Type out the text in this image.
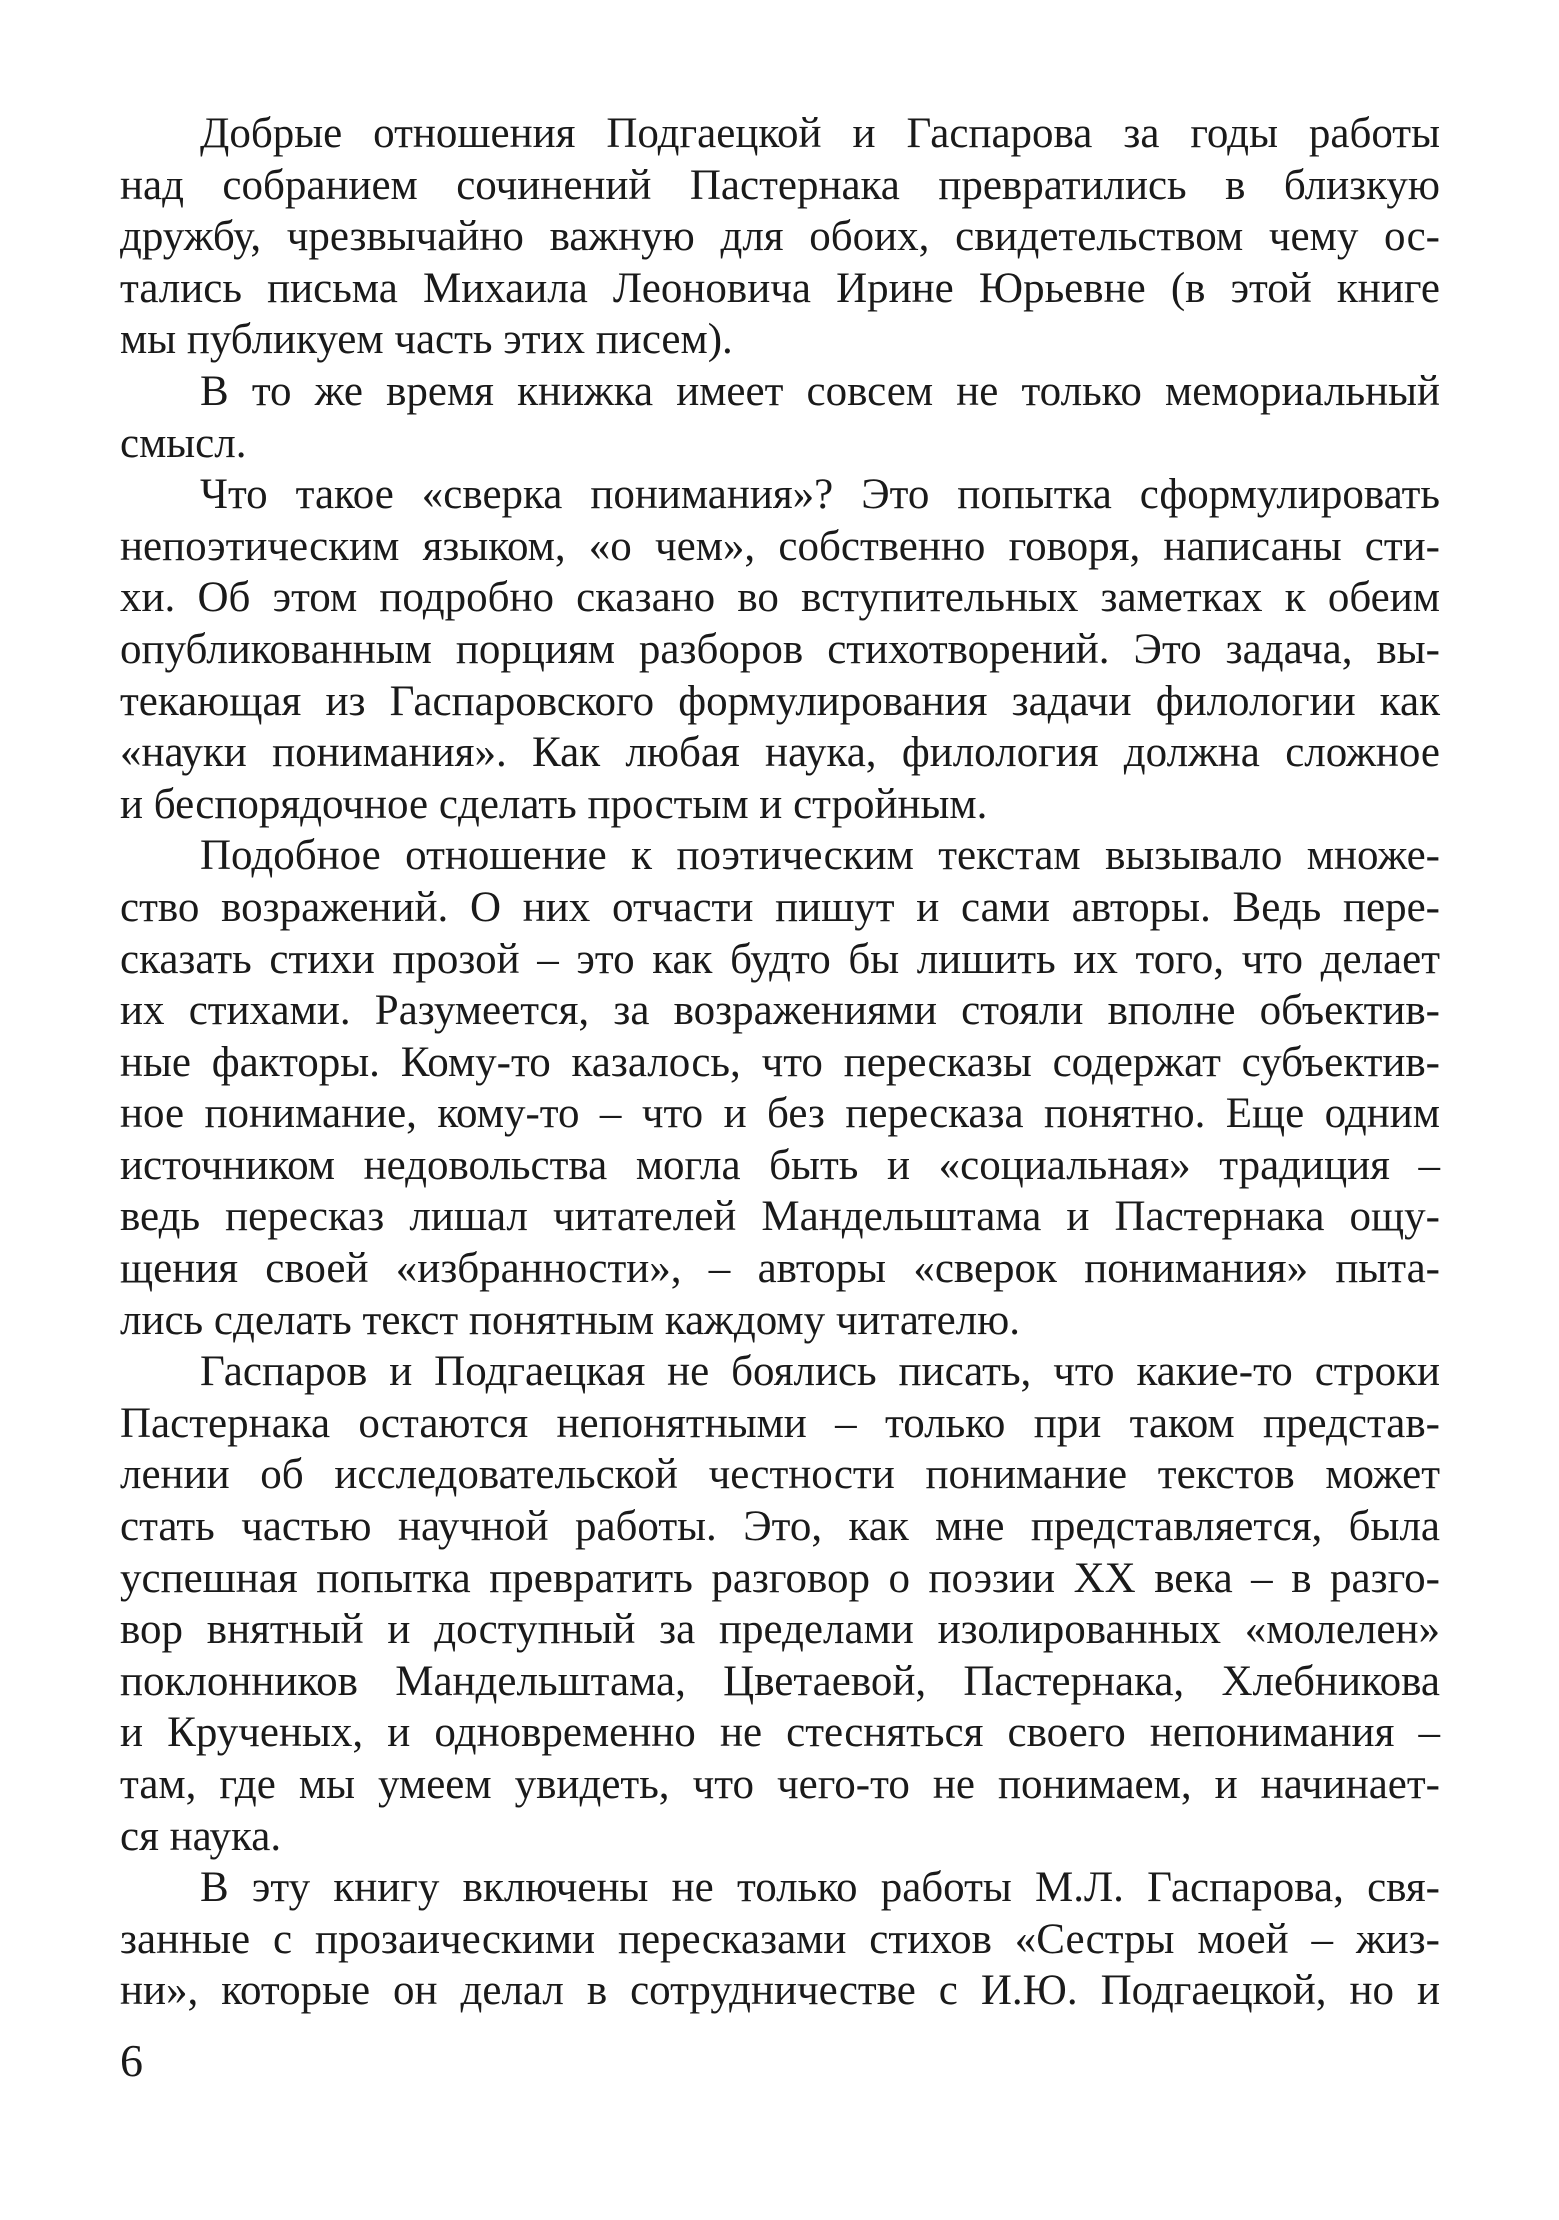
Добрые отношения Подгаецкой и Гаспарова за годы работы
над собранием сочинений Пастернака превратились в близкую
дружбу, чрезвычайно важную для обоих, свидетельством чему ос-
тались письма Михаила Леоновича Ирине Юрьевне (в этой книге
мы публикуем часть этих писем).
В то же время книжка имеет совсем не только мемориальный
смысл.
Что такое «сверка понимания»? Это попытка сформулировать
непоэтическим языком, «о чем», собственно говоря, написаны сти-
хи. Об этом подробно сказано во вступительных заметках к обеим
опубликованным порциям разборов стихотворений. Это задача, вы-
текающая из Гаспаровского формулирования задачи филологии как
«науки понимания». Как любая наука, филология должна сложное
и беспорядочное сделать простым и стройным.
Подобное отношение к поэтическим текстам вызывало множе-
ство возражений. О них отчасти пишут и сами авторы. Ведь пере-
сказать стихи прозой – это как будто бы лишить их того, что делает
их стихами. Разумеется, за возражениями стояли вполне объектив-
ные факторы. Кому-то казалось, что пересказы содержат субъектив-
ное понимание, кому-то – что и без пересказа понятно. Еще одним
источником недовольства могла быть и «социальная» традиция –
ведь пересказ лишал читателей Мандельштама и Пастернака ощу-
щения своей «избранности», – авторы «сверок понимания» пыта-
лись сделать текст понятным каждому читателю.
Гаспаров и Подгаецкая не боялись писать, что какие-то строки
Пастернака остаются непонятными – только при таком представ-
лении об исследовательской честности понимание текстов может
стать частью научной работы. Это, как мне представляется, была
успешная попытка превратить разговор о поэзии XX века – в разго-
вор внятный и доступный за пределами изолированных «молелен»
поклонников Мандельштама, Цветаевой, Пастернака, Хлебникова
и Крученых, и одновременно не стесняться своего непонимания –
там, где мы умеем увидеть, что чего-то не понимаем, и начинает-
ся наука.
В эту книгу включены не только работы М.Л. Гаспарова, свя-
занные с прозаическими пересказами стихов «Сестры моей – жиз-
ни», которые он делал в сотрудничестве с И.Ю. Подгаецкой, но и
6
